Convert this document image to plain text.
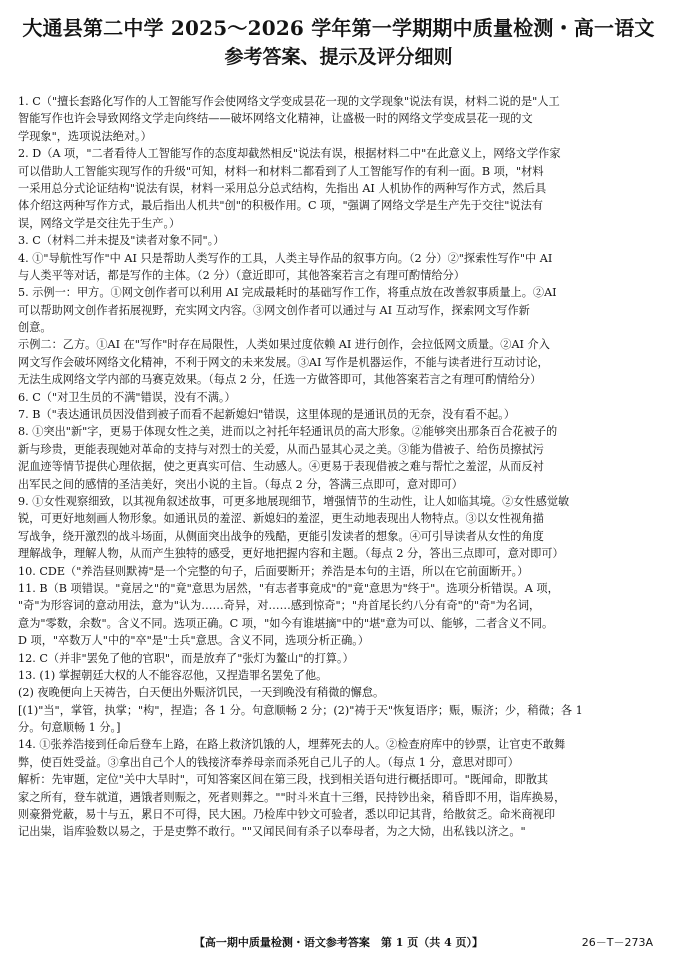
大通县第二中学 2025～2026 学年第一学期期中质量检测・高一语文
参考答案、提示及评分细则
1. C（"擅长套路化写作的人工智能写作会使网络文学变成昙花一现的文学现象"说法有误，材料二说的是"人工
智能写作也许会导致网络文学走向终结——破坏网络文化精神，让盛极一时的网络文学变成昙花一现的文
学现象"，选项说法绝对。）
2. D（A 项，"二者看待人工智能写作的态度却截然相反"说法有误，根据材料二中"在此意义上，网络文学作家
可以借助人工智能实现写作的升级"可知，材料一和材料二都看到了人工智能写作的有利一面。B 项，"材料
一采用总分式论证结构"说法有误，材料一采用总分总式结构，先指出 AI 人机协作的两种写作方式，然后具
体介绍这两种写作方式，最后指出人机共"创"的积极作用。C 项，"强调了网络文学是生产先于交往"说法有
误，网络文学是交往先于生产。）
3. C（材料二并未提及"读者对象不同"。）
4. ①"导航性写作"中 AI 只是帮助人类写作的工具，人类主导作品的叙事方向。（2 分）②"探索性写作"中 AI
与人类平等对话，都是写作的主体。（2 分）（意近即可，其他答案若言之有理可酌情给分）
5. 示例一：甲方。①网文创作者可以利用 AI 完成最耗时的基础写作工作，将重点放在改善叙事质量上。②AI
可以帮助网文创作者拓展视野，充实网文内容。③网文创作者可以通过与 AI 互动写作，探索网文写作新
创意。
示例二：乙方。①AI 在"写作"时存在局限性，人类如果过度依赖 AI 进行创作，会拉低网文质量。②AI 介入
网文写作会破坏网络文化精神，不利于网文的未来发展。③AI 写作是机器运作，不能与读者进行互动讨论，
无法生成网络文学内部的马赛克效果。（每点 2 分，任选一方做答即可，其他答案若言之有理可酌情给分）
6. C（"对卫生员的不满"错误，没有不满。）
7. B（"表达通讯员因没借到被子而看不起新媳妇"错误，这里体现的是通讯员的无奈，没有看不起。）
8. ①突出"新"字，更易于体现女性之美，进而以之衬托年轻通讯员的高大形象。②能够突出那条百合花被子的
新与珍贵，更能表现她对革命的支持与对烈士的关爱，从而凸显其心灵之美。③能为借被子、给伤员擦拭污
泥血迹等情节提供心理依据，使之更真实可信、生动感人。④更易于表现借被之难与帮忙之羞涩，从而反衬
出军民之间的感情的圣洁美好，突出小说的主旨。（每点 2 分，答满三点即可，意对即可）
9. ①女性观察细致，以其视角叙述故事，可更多地展现细节，增强情节的生动性，让人如临其境。②女性感觉敏
锐，可更好地刻画人物形象。如通讯员的羞涩、新媳妇的羞涩，更生动地表现出人物特点。③以女性视角描
写战争，绕开激烈的战斗场面，从侧面突出战争的残酷，更能引发读者的想象。④可引导读者从女性的角度
理解战争，理解人物，从而产生独特的感受，更好地把握内容和主题。（每点 2 分，答出三点即可，意对即可）
10. CDE（"养浩昼则默祷"是一个完整的句子，后面要断开；养浩是本句的主语，所以在它前面断开。）
11. B（B 项错误。"竟居之"的"竟"意思为居然，"有志者事竟成"的"竟"意思为"终于"。选项分析错误。A 项，
"奇"为形容词的意动用法，意为"认为……奇异，对……感到惊奇"；"舟首尾长约八分有奇"的"奇"为名词，
意为"零数，余数"。含义不同。选项正确。C 项，"如今有谁堪摘"中的"堪"意为可以、能够，二者含义不同。
D 项，"卒数万人"中的"卒"是"士兵"意思。含义不同，选项分析正确。）
12. C（并非"罢免了他的官职"，而是放弃了"张灯为鳌山"的打算。）
13. (1) 掌握朝廷大权的人不能容忍他，又捏造罪名罢免了他。
(2) 夜晚便向上天祷告，白天便出外赈济饥民，一天到晚没有稍微的懈怠。
[(1)"当"，掌管，执掌；"构"，捏造；各 1 分。句意顺畅 2 分；(2)"祷于天"恢复语序；赈，赈济；少，稍微；各 1
分。句意顺畅 1 分。]
14. ①张养浩接到任命后登车上路，在路上救济饥饿的人，埋葬死去的人。②检查府库中的钞票，让官吏不敢舞
弊，使百姓受益。③拿出自己个人的钱接济奉养母亲而杀死自己儿子的人。（每点 1 分，意思对即可）
解析：先审题，定位"关中大旱时"，可知答案区间在第三段，找到相关语句进行概括即可。"既闻命，即散其
家之所有，登车就道，遇饿者则赈之，死者则葬之。""时斗米直十三缗，民持钞出籴，稍昏即不用，诣库换易，
则豪猾党蔽，易十与五，累日不可得，民大困。乃检库中钞文可验者，悉以印记其背，给散贫乏。命米商视印
记出粜，诣库验数以易之，于是吏弊不敢行。""又闻民间有杀子以奉母者，为之大恸，出私钱以济之。"
【高一期中质量检测・语文参考答案　第 1 页（共 4 页）】	26－T－273A
